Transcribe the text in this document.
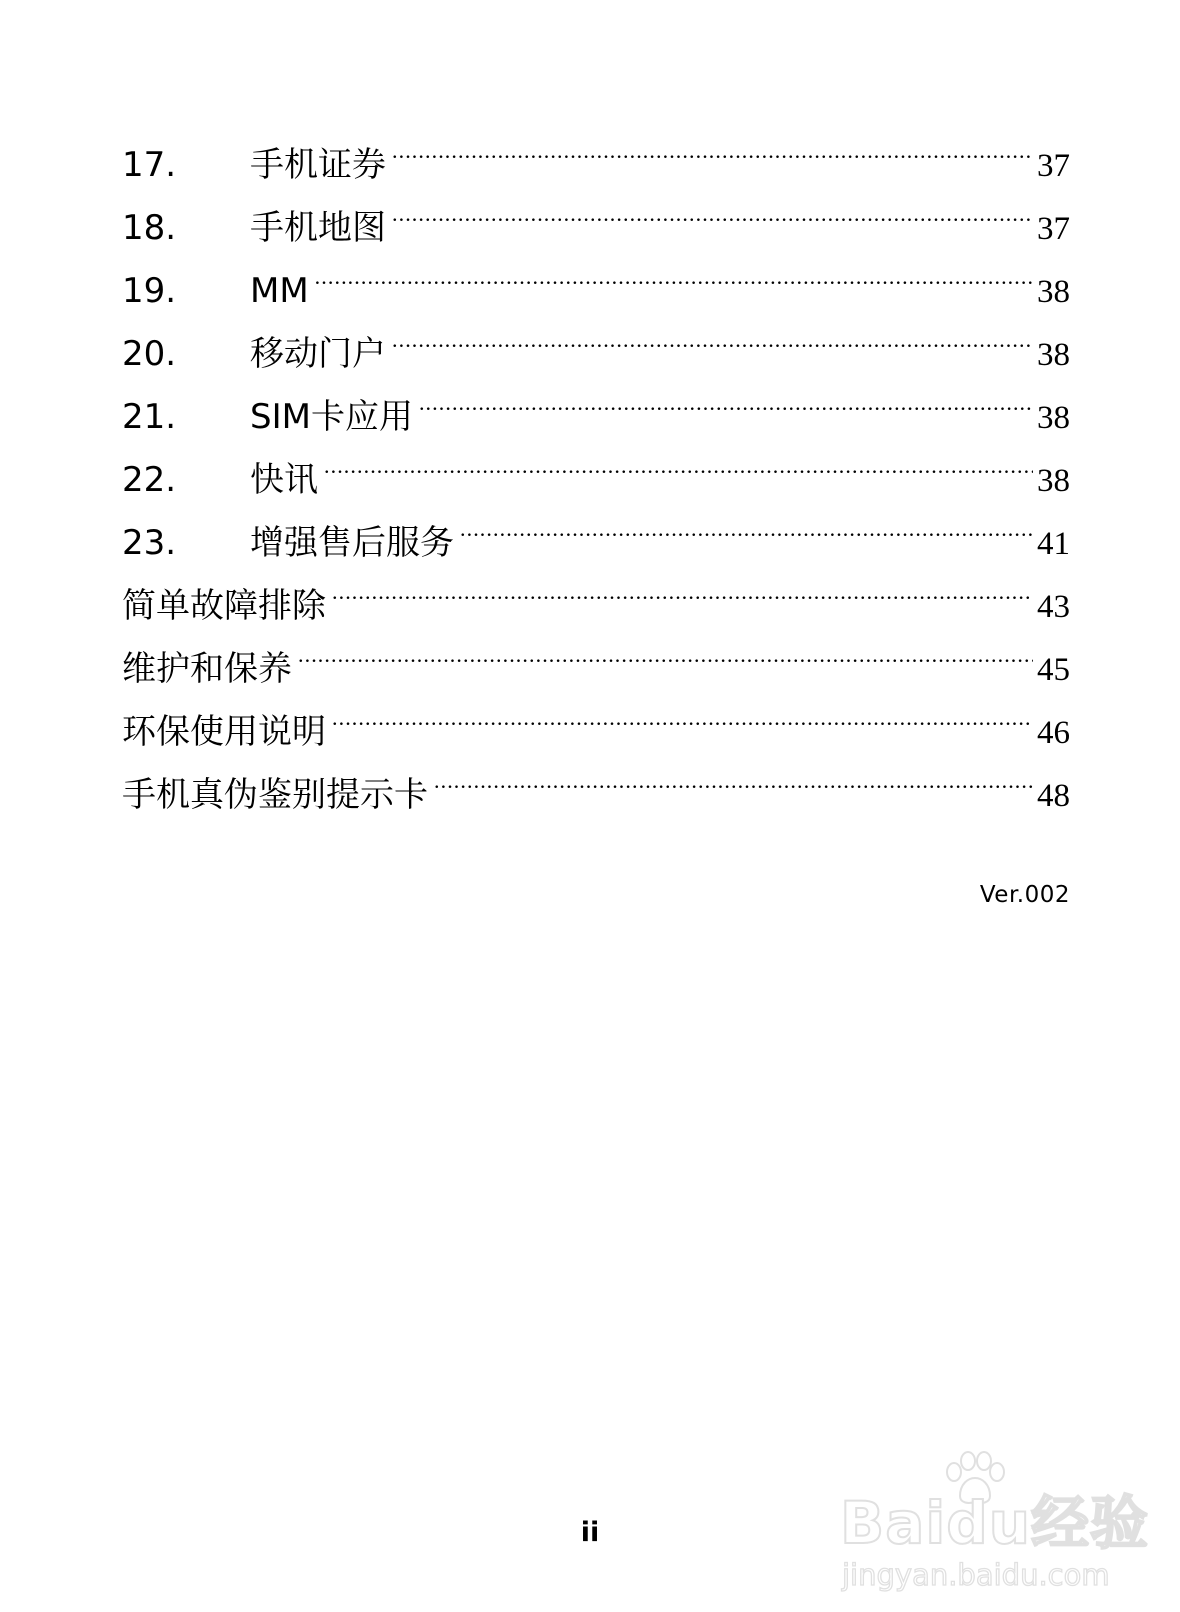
17.	手机证券 .....	37
18.	手机地图 .....	37
19.	MM .....	38
20.	移动门户 .....	38
21.	SIM卡应用 .....	38
22.	快讯 .....	38
23.	增强售后服务 .....	41
简单故障排除 .....	43
维护和保养 .....	45
环保使用说明 .....	46
手机真伪鉴别提示卡 .....	48
Ver.002
ii	Baidu经验
jingyan.baidu.com
